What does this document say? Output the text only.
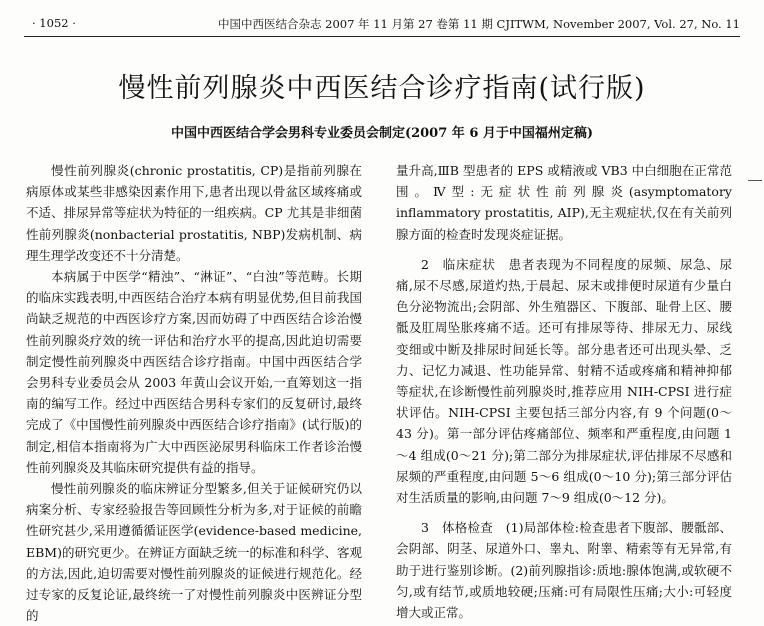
· 1052 ·	中国中西医结合杂志 2007 年 11 月第 27 卷第 11 期 CJITWM, November 2007, Vol. 27, No. 11
慢性前列腺炎中西医结合诊疗指南(试行版)
中国中西医结合学会男科专业委员会制定(2007 年 6 月于中国福州定稿)

慢性前列腺炎(chronic prostatitis, CP)是指前列腺在病原体或某些非感染因素作用下,患者出现以骨盆区域疼痛或不适、排尿异常等症状为特征的一组疾病。CP 尤其是非细菌性前列腺炎(nonbacterial prostatitis, NBP)发病机制、病理生理学改变还不十分清楚。

本病属于中医学“精浊”、“淋证”、“白浊”等范畴。长期的临床实践表明,中西医结合治疗本病有明显优势,但目前我国尚缺乏规范的中西医诊疗方案,因而妨碍了中西医结合诊治慢性前列腺炎疗效的统一评估和治疗水平的提高,因此迫切需要制定慢性前列腺炎中西医结合诊疗指南。中国中西医结合学会男科专业委员会从 2003 年黄山会议开始,一直筹划这一指南的编写工作。经过中西医结合男科专家们的反复研讨,最终完成了《中国慢性前列腺炎中西医结合诊疗指南》(试行版)的制定,相信本指南将为广大中西医泌尿男科临床工作者诊治慢性前列腺炎及其临床研究提供有益的指导。

慢性前列腺炎的临床辨证分型繁多,但关于证候研究仍以病案分析、专家经验报告等回顾性分析为多,对于证候的前瞻性研究甚少,采用遵循循证医学(evidence-based medicine, EBM)的研究更少。在辨证方面缺乏统一的标准和科学、客观的方法,因此,迫切需要对慢性前列腺炎的证候进行规范化。经过专家的反复论证,最终统一了对慢性前列腺炎中医辨证分型的

量升高,ⅢB 型患者的 EPS 或精液或 VB3 中白细胞在正常范围。Ⅳ型:无症状性前列腺炎(asymptomatory inflammatory prostatitis, AIP),无主观症状,仅在有关前列腺方面的检查时发现炎症证据。

2　临床症状　患者表现为不同程度的尿频、尿急、尿痛,尿不尽感,尿道灼热,于晨起、尿末或排便时尿道有少量白色分泌物流出;会阴部、外生殖器区、下腹部、耻骨上区、腰骶及肛周坠胀疼痛不适。还可有排尿等待、排尿无力、尿线变细或中断及排尿时间延长等。部分患者还可出现头晕、乏力、记忆力减退、性功能异常、射精不适或疼痛和精神抑郁等症状,在诊断慢性前列腺炎时,推荐应用 NIH-CPSI 进行症状评估。NIH-CPSI 主要包括三部分内容,有 9 个问题(0～43 分)。第一部分评估疼痛部位、频率和严重程度,由问题 1～4 组成(0～21 分);第二部分为排尿症状,评估排尿不尽感和尿频的严重程度,由问题 5～6 组成(0～10 分);第三部分评估对生活质量的影响,由问题 7～9 组成(0～12 分)。

3　体格检查　(1)局部体检:检查患者下腹部、腰骶部、会阴部、阴茎、尿道外口、睾丸、附睾、精索等有无异常,有助于进行鉴别诊断。(2)前列腺指诊:质地:腺体饱满,或软硬不匀,或有结节,或质地较硬;压痛:可有局限性压痛;大小:可轻度增大或正常。
